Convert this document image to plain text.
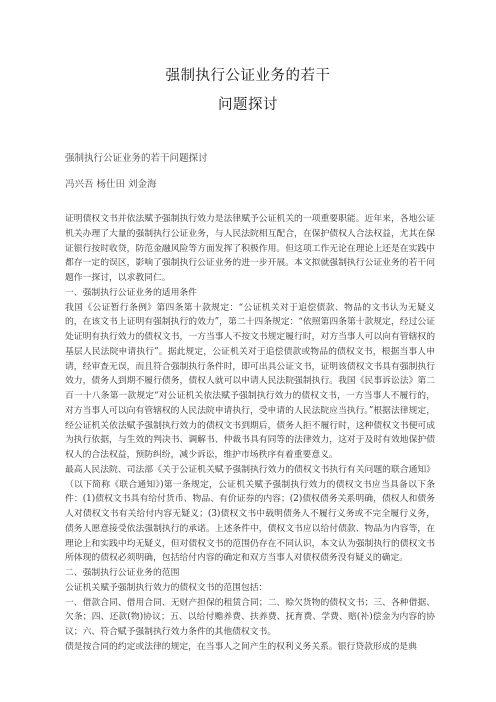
强制执行公证业务的若干
问题探讨
强制执行公证业务的若干问题探讨
冯兴吾 杨仕田 刘金海

证明债权文书并依法赋予强制执行效力是法律赋予公证机关的一项重要职能。近年来，各地公证机关办理了大量的强制执行公证业务，与人民法院相互配合，在保护债权人合法权益，尤其在保证银行按时收贷，防范金融风险等方面发挥了积极作用。但这项工作无论在理论上还是在实践中都存一定的误区，影响了强制执行公证业务的进一步开展。本文拟就强制执行公证业务的若干问题作一探讨，以求教同仁。

一、强制执行公证业务的适用条件

我国《公证暂行条例》第四条第十款规定：“公证机关对于追偿债款、物品的文书认为无疑义的，在该文书上证明有强制执行的效力”，第二十四条规定：“依照第四条第十款规定，经过公证处证明有执行效力的债权文书，一方当事人不按文书规定履行时，对方当事人可以向有管辖权的基层人民法院申请执行”。据此规定，公证机关对于追偿债款或物品的债权文书，根据当事人申请，经审查无误，而且符合强制执行条件时，即可出具公证文书，证明该债权文书具有强制执行效力，债务人到期不履行债务，债权人就可以申请人民法院强制执行。我国《民事诉讼法》第二百一十八条第一款规定“对公证机关依法赋予强制执行效力的债权文书，一方当事人不履行的，对方当事人可以向有管辖权的人民法院申请执行，受申请的人民法院应当执行。”根据法律规定，经公证机关依法赋予强制执行效力的债权文书到期后，债务人拒不履行时，这种债权文书便可成为执行依据，与生效的判决书、调解书、仲裁书具有同等的法律效力，这对于及时有效地保护债权人的合法权益，预防纠纷，减少诉讼，维护市场秩序有着重要意义。

最高人民法院、司法部《关于公证机关赋予强制执行效力的债权文书执行有关问题的联合通知》（以下简称《联合通知》)第一条规定，公证机关赋予强制执行效力的债权文书应当具备以下条件：(1)债权文书具有给付货币、物品、有价证券的内容；(2)债权债务关系明确，债权人和债务人对债权文书有关给付内容无疑义；(3)债权文书中载明债务人不履行义务或不完全履行义务，债务人愿意接受依法强制执行的承诺。上述条件中，债权文书应以给付债款、物品为内容等，在理论上和实践中均无疑义，但对债权文书的范围仍存在不同认识，本文认为强制执行的债权文书所体现的债权必须明确，包括给付内容的确定和双方当事人对债权债务没有疑义的确定。

二、强制执行公证业务的范围

公证机关赋予强制执行效力的债权文书的范围包括：

一、借款合同、借用合同、无财产担保的租赁合同；二、赊欠货物的债权文书；三、各种借据、欠条；四、还款(物)协议；五、以给付赡养费、扶养费、抚育费、学费、赔(补)偿金为内容的协议；六、符合赋予强制执行效力条件的其他债权文书。

债是按合同的约定或法律的规定，在当事人之间产生的权利义务关系。银行贷款形成的是典
